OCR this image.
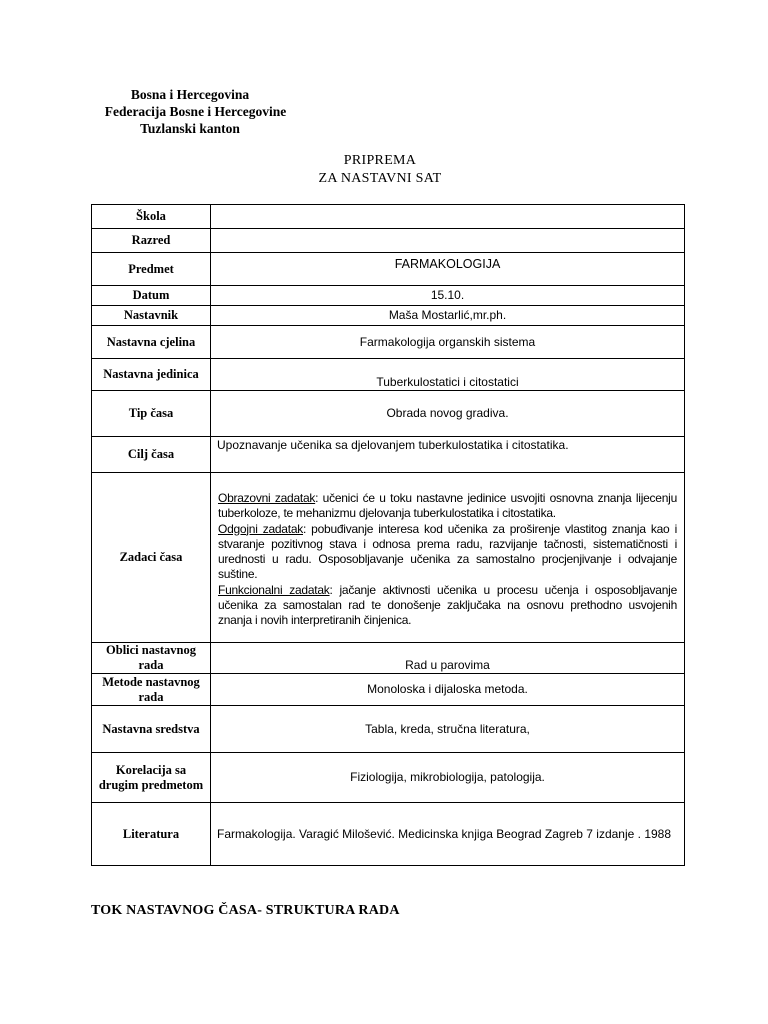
Bosna i Hercegovina
Federacija Bosne i Hercegovine
Tuzlanski kanton
PRIPREMA
ZA NASTAVNI SAT
Škola	
Razred	
Predmet	FARMAKOLOGIJA
Datum	15.10.
Nastavnik	Maša Mostarlić,mr.ph.
Nastavna cjelina	Farmakologija organskih sistema
Nastavna jedinica	Tuberkulostatici i citostatici
Tip časa	Obrada novog gradiva.
Cilj časa	Upoznavanje učenika sa djelovanjem tuberkulostatika i citostatika.
Zadaci časa	Obrazovni zadatak: učenici će u toku nastavne jedinice usvojiti osnovna znanja lijecenju tuberkoloze, te mehanizmu djelovanja tuberkulostatika i citostatika.
Odgojni zadatak: pobuđivanje interesa kod učenika za proširenje vlastitog znanja kao i stvaranje pozitivnog stava i odnosa prema radu, razvijanje tačnosti, sistematičnosti i urednosti u radu. Osposobljavanje učenika za samostalno procjenjivanje i odvajanje suštine.
Funkcionalni zadatak: jačanje aktivnosti učenika u procesu učenja i osposobljavanje učenika za samostalan rad te donošenje zaključaka na osnovu prethodno usvojenih znanja i novih interpretiranih činjenica.

Oblici nastavnog rada	Rad u parovima
Metode nastavnog rada	Monoloska i dijaloska metoda.
Nastavna sredstva	Tabla, kreda, stručna literatura,
Korelacija sa drugim predmetom	Fiziologija, mikrobiologija, patologija.
Literatura	Farmakologija. Varagić Milošević. Medicinska knjiga Beograd Zagreb 7 izdanje . 1988
TOK NASTAVNOG ČASA- STRUKTURA RADA
